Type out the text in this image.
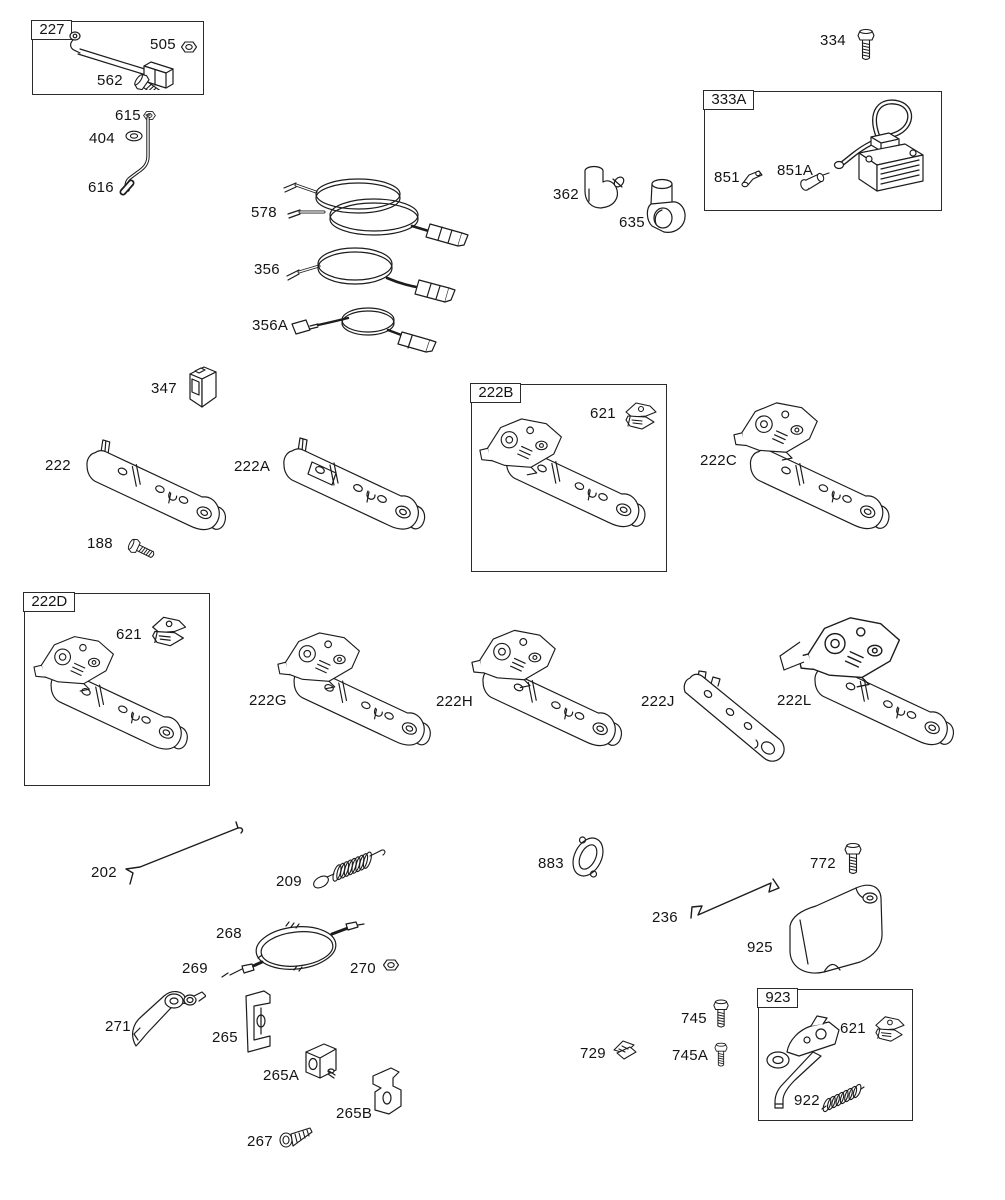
227
333A
222B
222D
923
505
562
615
404
616
334
851 851A
362
635
578
356
356A
347
222
188
222A
621
222C
621
222G	222H	222J	222L
202
209
883	772
236
925
268
269	270
271
265
265A
265B
267
729
745
745A
621
922
